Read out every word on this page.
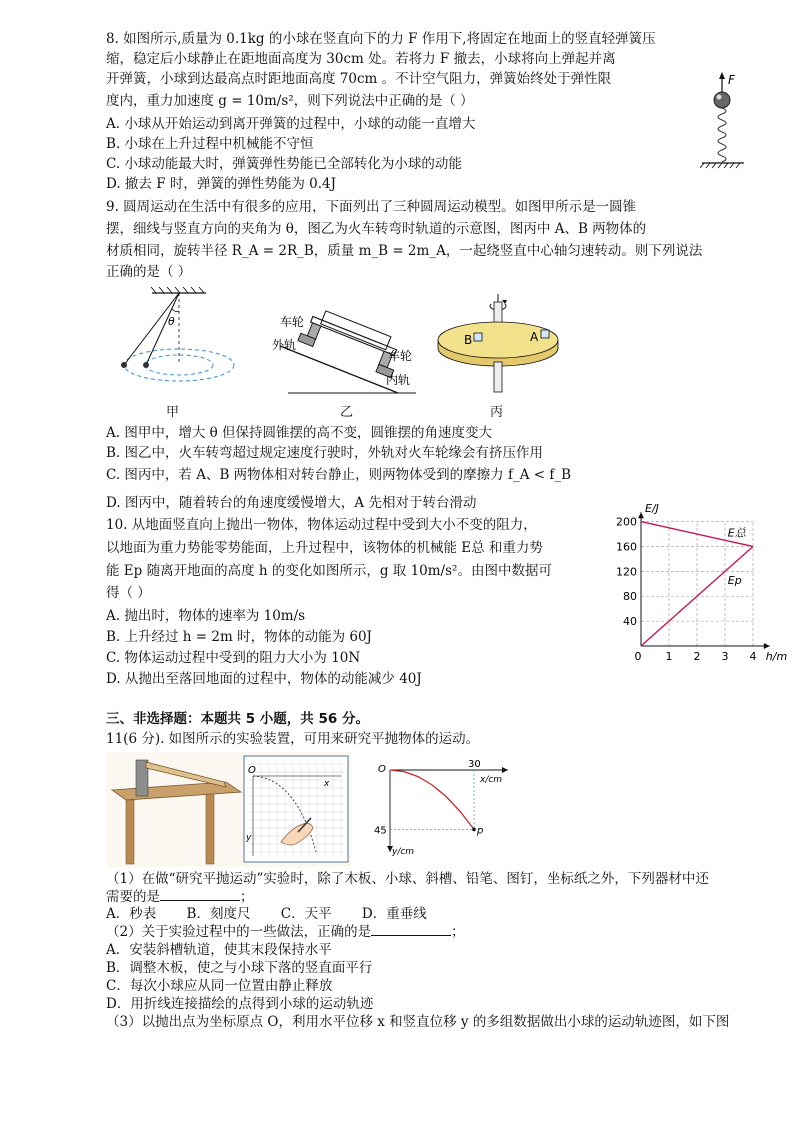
8. 如图所示,质量为 0.1kg 的小球在竖直向下的力 F 作用下,将固定在地面上的竖直轻弹簧压
缩，稳定后小球静止在距地面高度为 30cm 处。若将力 F 撤去，小球将向上弹起并离
开弹簧，小球到达最高点时距地面高度 70cm 。不计空气阻力，弹簧始终处于弹性限
度内，重力加速度 g = 10m/s²，则下列说法中正确的是（ ）
A. 小球从开始运动到离开弹簧的过程中，小球的动能一直增大
B. 小球在上升过程中机械能不守恒
C. 小球动能最大时，弹簧弹性势能已全部转化为小球的动能
D. 撤去 F 时，弹簧的弹性势能为 0.4J
F
9. 圆周运动在生活中有很多的应用，下面列出了三种圆周运动模型。如图甲所示是一圆锥
摆，细线与竖直方向的夹角为 θ，图乙为火车转弯时轨道的示意图，图丙中 A、B 两物体的
材质相同，旋转半径 R_A = 2R_B，质量 m_B = 2m_A，一起绕竖直中心轴匀速转动。则下列说法
正确的是（ ）
θ
甲
车轮
外轨
车轮
内轨
乙
B	A
丙
A. 图甲中，增大 θ 但保持圆锥摆的高不变，圆锥摆的角速度变大
B. 图乙中，火车转弯超过规定速度行驶时，外轨对火车轮缘会有挤压作用
C. 图丙中，若 A、B 两物体相对转台静止，则两物体受到的摩擦力 f_A < f_B
D. 图丙中，随着转台的角速度缓慢增大，A 先相对于转台滑动
10. 从地面竖直向上抛出一物体，物体运动过程中受到大小不变的阻力，
以地面为重力势能零势能面，上升过程中，该物体的机械能 E总 和重力势
能 Ep 随离开地面的高度 h 的变化如图所示，g 取 10m/s²。由图中数据可
得（ ）
A. 抛出时，物体的速率为 10m/s
B. 上升经过 h = 2m 时，物体的动能为 60J
C. 物体运动过程中受到的阻力大小为 10N
D. 从抛出至落回地面的过程中，物体的动能减少 40J
40
80
120
160
200
0 1 2 3 4 h/m
E/J
E总
Ep
三、非选择题：本题共 5 小题，共 56 分。
11(6 分). 如图所示的实验装置，可用来研究平抛物体的运动。
O
x
y
O
x/cm
y/cm
30
45	p
（1）在做“研究平抛运动”实验时，除了木板、小球、斜槽、铅笔、图钉，坐标纸之外，下列器材中还
需要的是	；
A．秒表 B．刻度尺 C．天平 D．重垂线
（2）关于实验过程中的一些做法，正确的是	；
A．安装斜槽轨道，使其末段保持水平
B．调整木板，使之与小球下落的竖直面平行
C．每次小球应从同一位置由静止释放
D．用折线连接描绘的点得到小球的运动轨迹
（3）以抛出点为坐标原点 O，利用水平位移 x 和竖直位移 y 的多组数据做出小球的运动轨迹图，如下图
